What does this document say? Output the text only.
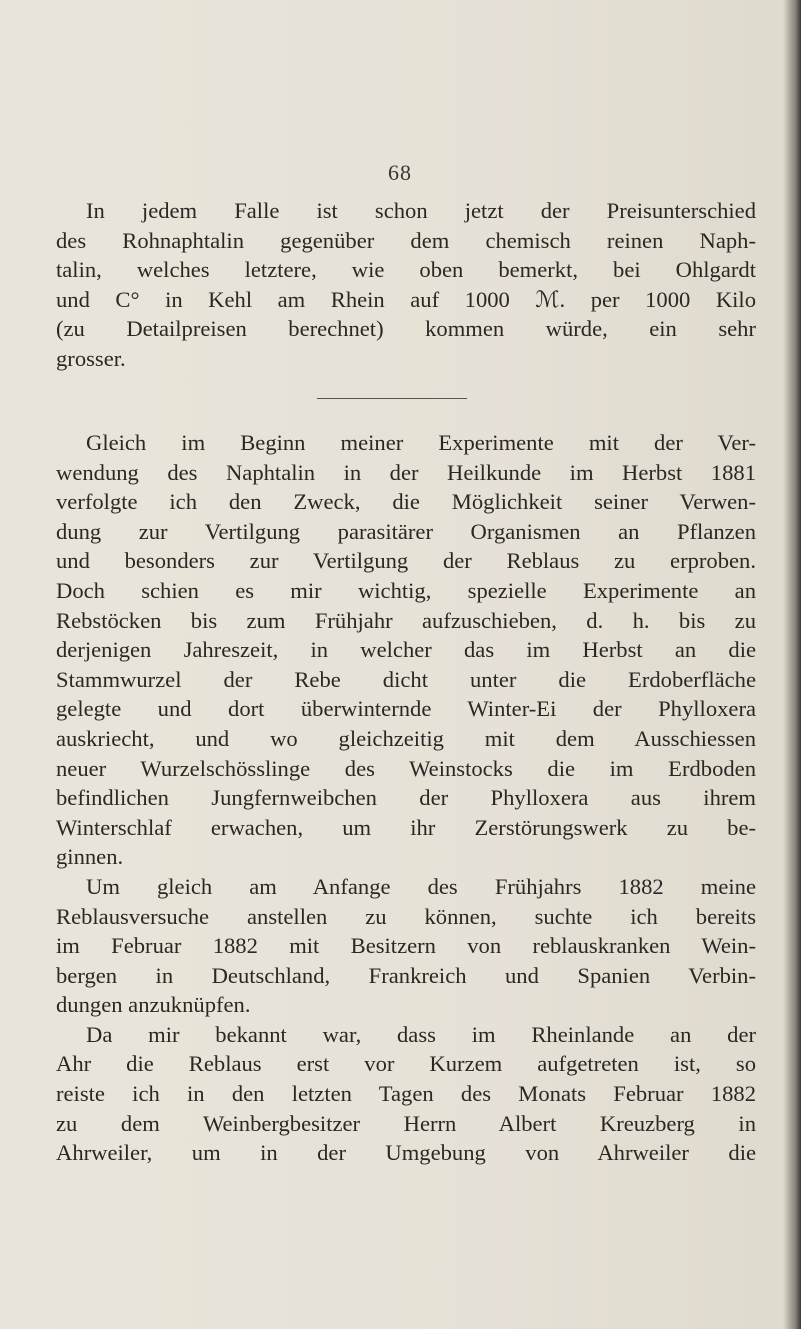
68
In jedem Falle ist schon jetzt der Preisunterschied
des Rohnaphtalin gegenüber dem chemisch reinen Naph-
talin, welches letztere, wie oben bemerkt, bei Ohlgardt
und C° in Kehl am Rhein auf 1000 ℳ. per 1000 Kilo
(zu Detailpreisen berechnet) kommen würde, ein sehr
grosser.
Gleich im Beginn meiner Experimente mit der Ver-
wendung des Naphtalin in der Heilkunde im Herbst 1881
verfolgte ich den Zweck, die Möglichkeit seiner Verwen-
dung zur Vertilgung parasitärer Organismen an Pflanzen
und besonders zur Vertilgung der Reblaus zu erproben.
Doch schien es mir wichtig, spezielle Experimente an
Rebstöcken bis zum Frühjahr aufzuschieben, d. h. bis zu
derjenigen Jahreszeit, in welcher das im Herbst an die
Stammwurzel der Rebe dicht unter die Erdoberfläche
gelegte und dort überwinternde Winter-Ei der Phylloxera
auskriecht, und wo gleichzeitig mit dem Ausschiessen
neuer Wurzelschösslinge des Weinstocks die im Erdboden
befindlichen Jungfernweibchen der Phylloxera aus ihrem
Winterschlaf erwachen, um ihr Zerstörungswerk zu be-
ginnen.
Um gleich am Anfange des Frühjahrs 1882 meine
Reblausversuche anstellen zu können, suchte ich bereits
im Februar 1882 mit Besitzern von reblauskranken Wein-
bergen in Deutschland, Frankreich und Spanien Verbin-
dungen anzuknüpfen.
Da mir bekannt war, dass im Rheinlande an der
Ahr die Reblaus erst vor Kurzem aufgetreten ist, so
reiste ich in den letzten Tagen des Monats Februar 1882
zu dem Weinbergbesitzer Herrn Albert Kreuzberg in
Ahrweiler, um in der Umgebung von Ahrweiler die
